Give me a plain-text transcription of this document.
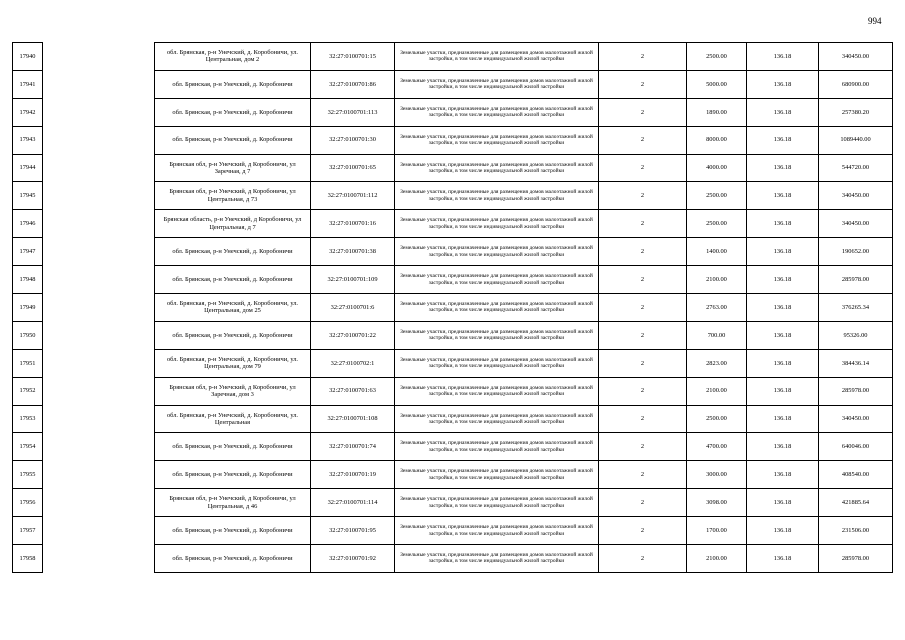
994
17940		обл. Брянская, р-н Унечский, д. Коробоничи, ул. Центральная, дом 2	32:27:0100701:15	Земельные участки, предназначенные для размещения домов малоэтажной жилой застройки, в том числе индивидуальной жилой застройки	2	2500.00	136.18	340450.00
17941		обл. Брянская, р-н Унечский, д. Коробоничи	32:27:0100701:86	Земельные участки, предназначенные для размещения домов малоэтажной жилой застройки, в том числе индивидуальной жилой застройки	2	5000.00	136.18	680900.00
17942		обл. Брянская, р-н Унечский, д. Коробоничи	32:27:0100701:113	Земельные участки, предназначенные для размещения домов малоэтажной жилой застройки, в том числе индивидуальной жилой застройки	2	1890.00	136.18	257380.20
17943		обл. Брянская, р-н Унечский, д. Коробоничи	32:27:0100701:30	Земельные участки, предназначенные для размещения домов малоэтажной жилой застройки, в том числе индивидуальной жилой застройки	2	8000.00	136.18	1089440.00
17944		Брянская обл, р-н Унечский, д Коробоничи, ул Заречная, д 7	32:27:0100701:65	Земельные участки, предназначенные для размещения домов малоэтажной жилой застройки, в том числе индивидуальной жилой застройки	2	4000.00	136.18	544720.00
17945		Брянская обл, р-н Унечский, д Коробоничи, ул Центральная, д 73	32:27:0100701:112	Земельные участки, предназначенные для размещения домов малоэтажной жилой застройки, в том числе индивидуальной жилой застройки	2	2500.00	136.18	340450.00
17946		Брянская область, р-н Унечский, д Коробоничи, ул Центральная, д 7	32:27:0100701:16	Земельные участки, предназначенные для размещения домов малоэтажной жилой застройки, в том числе индивидуальной жилой застройки	2	2500.00	136.18	340450.00
17947		обл. Брянская, р-н Унечский, д. Коробоничи	32:27:0100701:38	Земельные участки, предназначенные для размещения домов малоэтажной жилой застройки, в том числе индивидуальной жилой застройки	2	1400.00	136.18	190652.00
17948		обл. Брянская, р-н Унечский, д. Коробоничи	32:27:0100701:109	Земельные участки, предназначенные для размещения домов малоэтажной жилой застройки, в том числе индивидуальной жилой застройки	2	2100.00	136.18	285978.00
17949		обл. Брянская, р-н Унечский, д. Коробоничи, ул. Центральная, дом 25	32:27:0100701:6	Земельные участки, предназначенные для размещения домов малоэтажной жилой застройки, в том числе индивидуальной жилой застройки	2	2763.00	136.18	376265.34
17950		обл. Брянская, р-н Унечский, д. Коробоничи	32:27:0100701:22	Земельные участки, предназначенные для размещения домов малоэтажной жилой застройки, в том числе индивидуальной жилой застройки	2	700.00	136.18	95326.00
17951		обл. Брянская, р-н Унечский, д. Коробоничи, ул. Центральная, дом 79	32:27:0100702:1	Земельные участки, предназначенные для размещения домов малоэтажной жилой застройки, в том числе индивидуальной жилой застройки	2	2823.00	136.18	384436.14
17952		Брянская обл, р-н Унечский, д Коробоничи, ул Заречная, дом 3	32:27:0100701:63	Земельные участки, предназначенные для размещения домов малоэтажной жилой застройки, в том числе индивидуальной жилой застройки	2	2100.00	136.18	285978.00
17953		обл. Брянская, р-н Унечский, д. Коробоничи, ул. Центральная	32:27:0100701:108	Земельные участки, предназначенные для размещения домов малоэтажной жилой застройки, в том числе индивидуальной жилой застройки	2	2500.00	136.18	340450.00
17954		обл. Брянская, р-н Унечский, д. Коробоничи	32:27:0100701:74	Земельные участки, предназначенные для размещения домов малоэтажной жилой застройки, в том числе индивидуальной жилой застройки	2	4700.00	136.18	640046.00
17955		обл. Брянская, р-н Унечский, д. Коробоничи	32:27:0100701:19	Земельные участки, предназначенные для размещения домов малоэтажной жилой застройки, в том числе индивидуальной жилой застройки	2	3000.00	136.18	408540.00
17956		Брянская обл, р-н Унечский, д Коробоничи, ул Центральная, д 46	32:27:0100701:114	Земельные участки, предназначенные для размещения домов малоэтажной жилой застройки, в том числе индивидуальной жилой застройки	2	3098.00	136.18	421885.64
17957		обл. Брянская, р-н Унечский, д. Коробоничи	32:27:0100701:95	Земельные участки, предназначенные для размещения домов малоэтажной жилой застройки, в том числе индивидуальной жилой застройки	2	1700.00	136.18	231506.00
17958		обл. Брянская, р-н Унечский, д. Коробоничи	32:27:0100701:92	Земельные участки, предназначенные для размещения домов малоэтажной жилой застройки, в том числе индивидуальной жилой застройки	2	2100.00	136.18	285978.00
